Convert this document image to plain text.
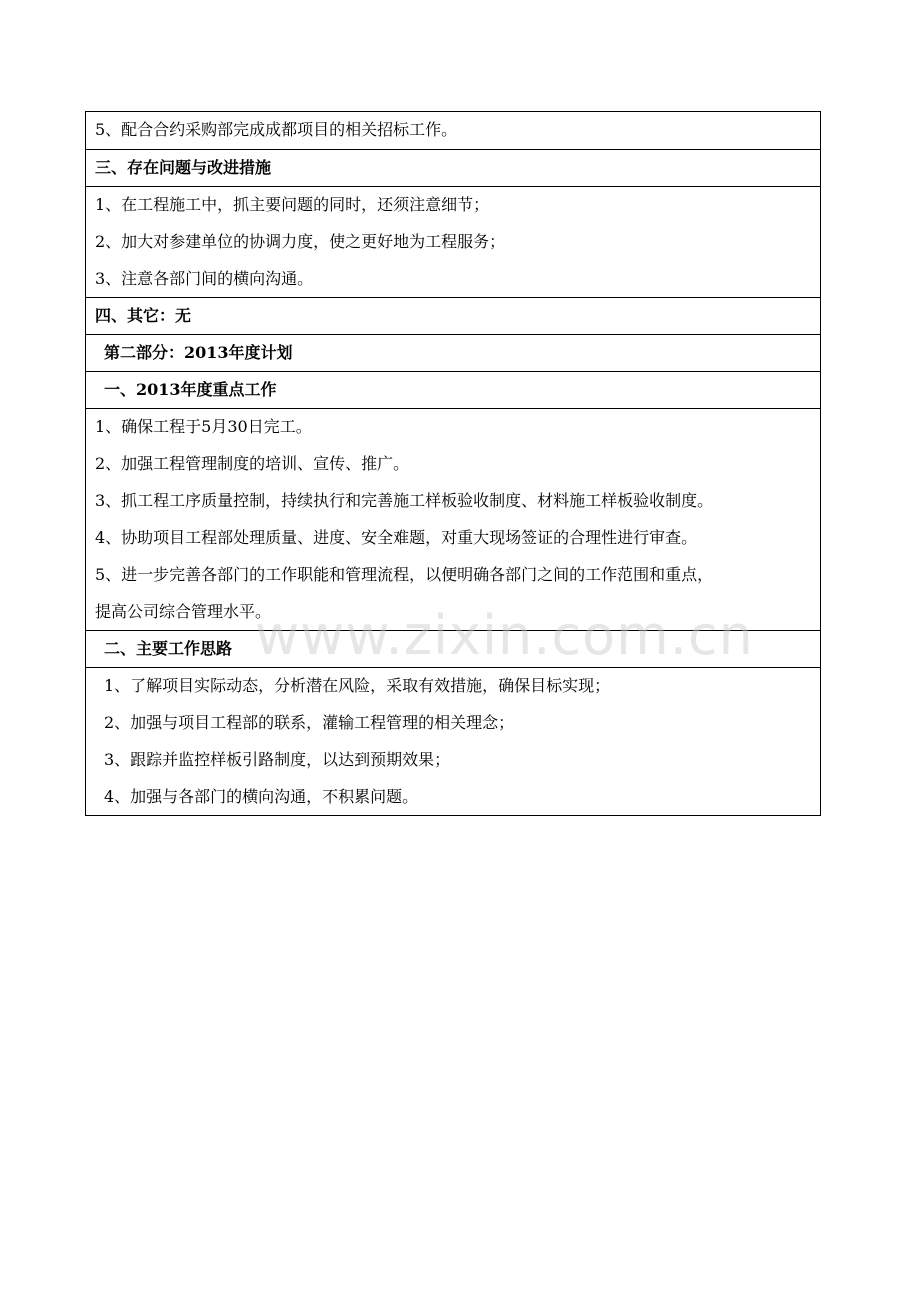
5、配合合约采购部完成成都项目的相关招标工作。
三、存在问题与改进措施
1、在工程施工中，抓主要问题的同时，还须注意细节；
2、加大对参建单位的协调力度，使之更好地为工程服务；
3、注意各部门间的横向沟通。
四、其它：无
第二部分：2013年度计划
一、2013年度重点工作
1、确保工程于5月30日完工。
2、加强工程管理制度的培训、宣传、推广。
3、抓工程工序质量控制，持续执行和完善施工样板验收制度、材料施工样板验收制度。
4、协助项目工程部处理质量、进度、安全难题，对重大现场签证的合理性进行审查。
5、进一步完善各部门的工作职能和管理流程，以便明确各部门之间的工作范围和重点，
提高公司综合管理水平。
二、主要工作思路
1、了解项目实际动态，分析潜在风险，采取有效措施，确保目标实现；
2、加强与项目工程部的联系，灌输工程管理的相关理念；
3、跟踪并监控样板引路制度，以达到预期效果；
4、加强与各部门的横向沟通，不积累问题。
www.zixin.com.cn
